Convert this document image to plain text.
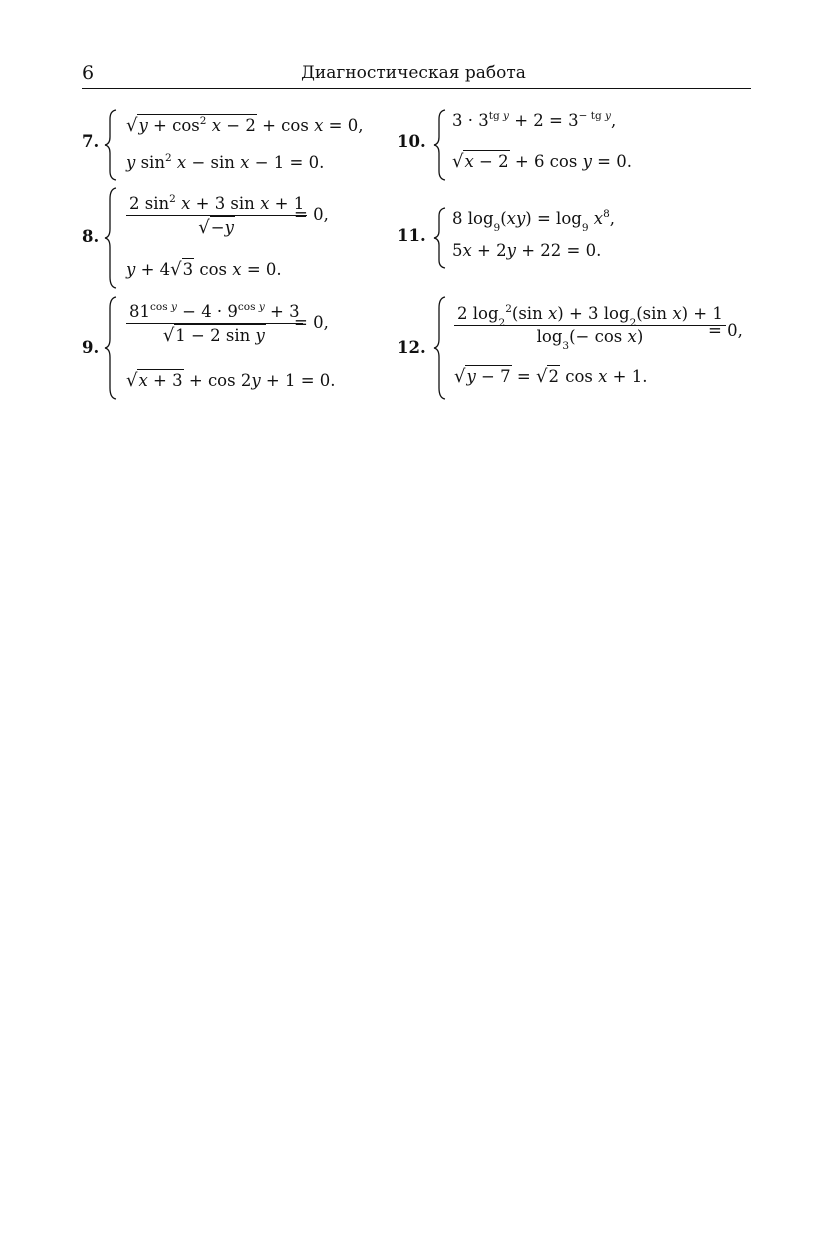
6	Диагностическая работа
7.
$√y + \cos^2 x - 2 + \cos x = 0$,
y $\sin^2 x - \sin x - 1 = 0$.
8. $\frac{2 \sin^2 x + 3 \sin x + 1}{√-y}$
= 0,
y + 4√3 cos x = 0.
9.
$\frac{81^{cos y} - 4 \cdot 9^{cos y} + 3}{\text{√1 − 2 sin y}}$
= 0,
√x + 3 + cos 2y + 1 = 0.
10.
$3 \cdot 3^{tg y} + 2 = 3^{- tg y}$,
√x − 2 + 6 cos y = 0.
11.
8 $\log_9(xy) = \log_9 x^8$,
5x + 2y + 22 = 0.
12.
$\frac{2 \log_2^2(\sin x) + 3 \log_2(\sin x) + 1}{\log_3(- \cos x)}$
= 0,
√y − 7 = √2 cos x + 1.
